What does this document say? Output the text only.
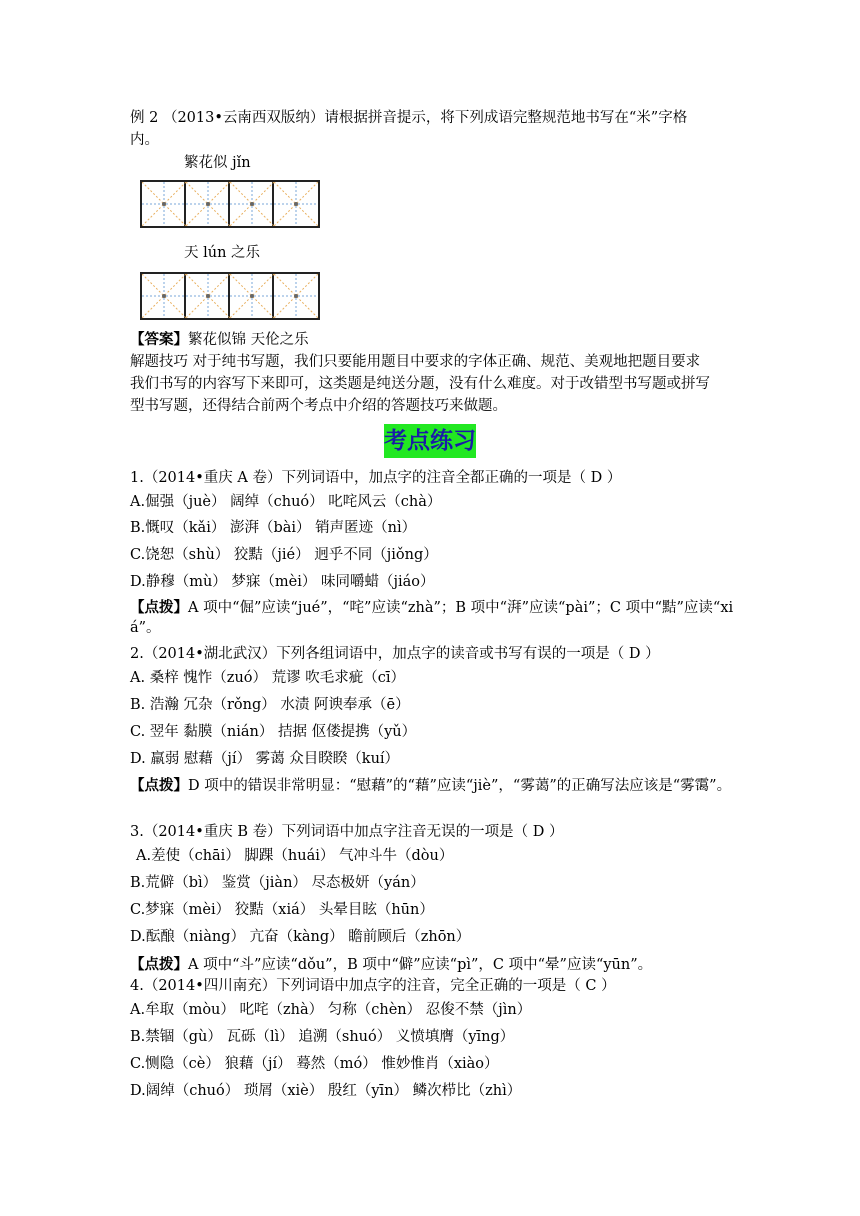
例 2 （2013•云南西双版纳）请根据拼音提示，将下列成语完整规范地书写在“米”字格
内。
繁花似 jǐn
天 lún 之乐
【答案】繁花似锦 天伦之乐
解题技巧 对于纯书写题，我们只要能用题目中要求的字体正确、规范、美观地把题目要求
我们书写的内容写下来即可，这类题是纯送分题，没有什么难度。对于改错型书写题或拼写
型书写题，还得结合前两个考点中介绍的答题技巧来做题。
考点练习
1.（2014•重庆 A 卷）下列词语中，加点字的注音全都正确的一项是（ D ）
A.倔强（juè） 阔绰（chuó） 叱咤风云（chà）
B.慨叹（kǎi） 澎湃（bài） 销声匿迹（nì）
C.饶恕（shù） 狡黠（jié） 迥乎不同（jiǒng）
D.静穆（mù） 梦寐（mèi） 味同嚼蜡（jiáo）
【点拨】A 项中“倔”应读“jué”，“咤”应读“zhà”；B 项中“湃”应读“pài”；C 项中“黠”应读“xiá”。
2.（2014•湖北武汉）下列各组词语中，加点字的读音或书写有误的一项是（ D ）
A. 桑梓 愧怍（zuó） 荒谬 吹毛求疵（cī）
B. 浩瀚 冗杂（rǒng） 水渍 阿谀奉承（ē）
C. 翌年 黏膜（nián） 拮据 伛偻提携（yǔ）
D. 羸弱 慰藉（jí） 雾蔼 众目睽睽（kuí）
【点拨】D 项中的错误非常明显：“慰藉”的“藉”应读“jiè”，“雾蔼”的正确写法应该是“雾霭”。
3.（2014•重庆 B 卷）下列词语中加点字注音无误的一项是（ D ）
A.差使（chāi） 脚踝（huái） 气冲斗牛（dòu）
B.荒僻（bì） 鉴赏（jiàn） 尽态极妍（yán）
C.梦寐（mèi） 狡黠（xiá） 头晕目眩（hūn）
D.酝酿（niàng） 亢奋（kàng） 瞻前顾后（zhōn）
【点拨】A 项中“斗”应读“dǒu”，B 项中“僻”应读“pì”，C 项中“晕”应读“yūn”。
4.（2014•四川南充）下列词语中加点字的注音，完全正确的一项是（ C ）
A.牟取（mòu） 叱咤（zhà） 匀称（chèn） 忍俊不禁（jìn）
B.禁锢（gù） 瓦砾（lì） 追溯（shuó） 义愤填膺（yīng）
C.恻隐（cè） 狼藉（jí） 蓦然（mó） 惟妙惟肖（xiào）
D.阔绰（chuó） 琐屑（xiè） 殷红（yīn） 鳞次栉比（zhì）
